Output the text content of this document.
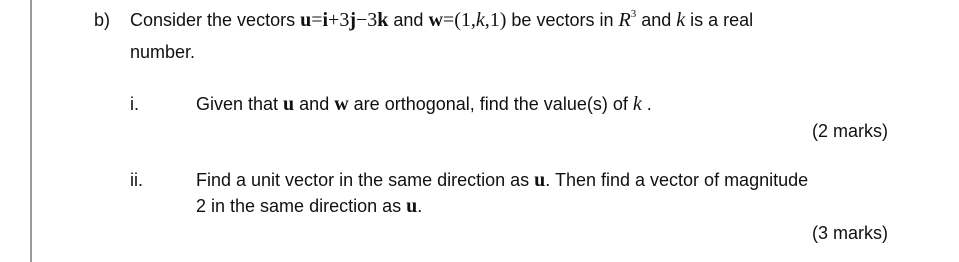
b) Consider the vectors u=i+3j−3k and w=(1,k,1) be vectors in $R^3$ and k is a real
number.
i.	Given that u and w are orthogonal, find the value(s) of k .
(2 marks)
ii.	Find a unit vector in the same direction as u. Then find a vector of magnitude
2 in the same direction as u.
(3 marks)
